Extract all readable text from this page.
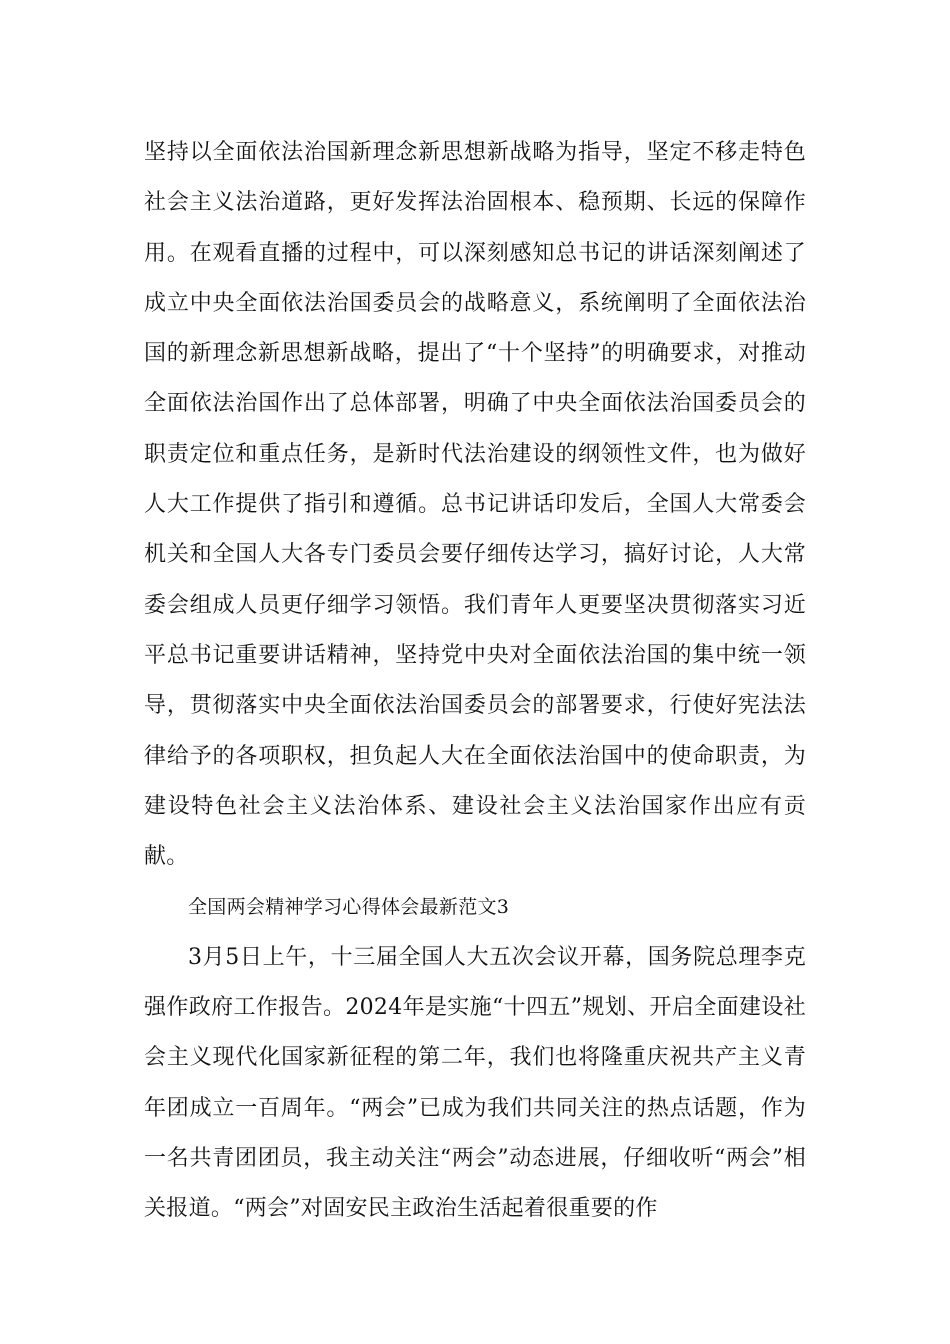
坚持以全面依法治国新理念新思想新战略为指导，坚定不移走特色社会主义法治道路，更好发挥法治固根本、稳预期、长远的保障作用。在观看直播的过程中，可以深刻感知总书记的讲话深刻阐述了成立中央全面依法治国委员会的战略意义，系统阐明了全面依法治国的新理念新思想新战略，提出了“十个坚持”的明确要求，对推动全面依法治国作出了总体部署，明确了中央全面依法治国委员会的职责定位和重点任务，是新时代法治建设的纲领性文件，也为做好人大工作提供了指引和遵循。总书记讲话印发后，全国人大常委会机关和全国人大各专门委员会要仔细传达学习，搞好讨论，人大常委会组成人员更仔细学习领悟。我们青年人更要坚决贯彻落实习近平总书记重要讲话精神，坚持党中央对全面依法治国的集中统一领导，贯彻落实中央全面依法治国委员会的部署要求，行使好宪法法律给予的各项职权，担负起人大在全面依法治国中的使命职责，为建设特色社会主义法治体系、建设社会主义法治国家作出应有贡献。

全国两会精神学习心得体会最新范文3

3月5日上午，十三届全国人大五次会议开幕，国务院总理李克强作政府工作报告。2024年是实施“十四五”规划、开启全面建设社会主义现代化国家新征程的第二年，我们也将隆重庆祝共产主义青年团成立一百周年。“两会”已成为我们共同关注的热点话题，作为一名共青团团员，我主动关注“两会”动态进展，仔细收听“两会”相关报道。“两会”对固安民主政治生活起着很重要的作
